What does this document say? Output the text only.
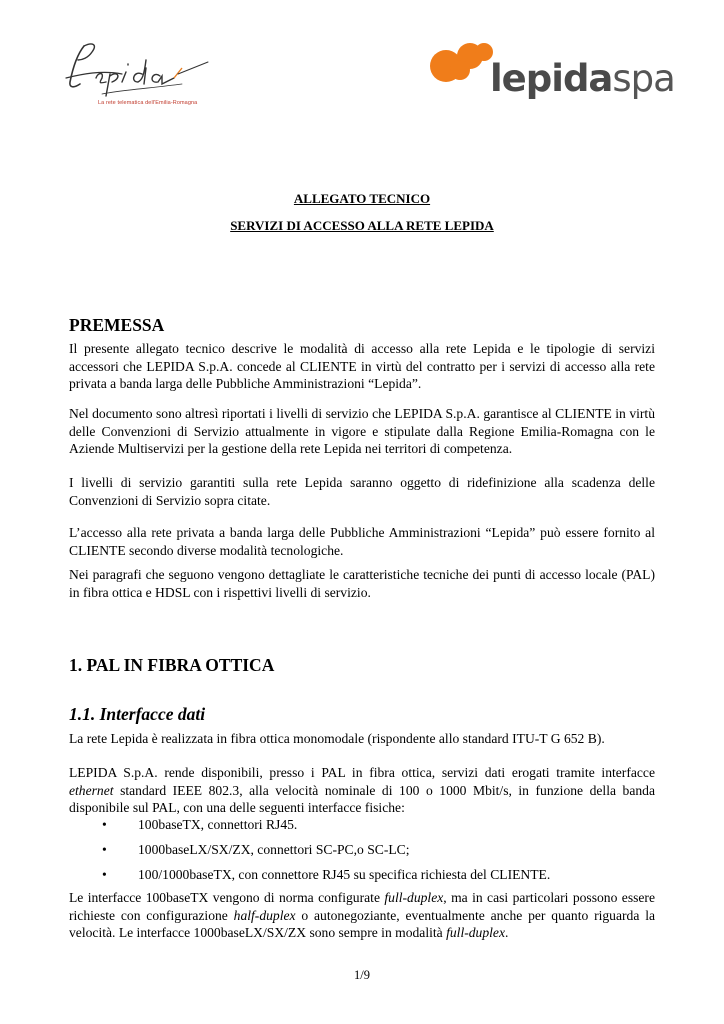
La rete telematica dell'Emilia-Romagna
lepidaspa
ALLEGATO TECNICO
SERVIZI DI ACCESSO ALLA RETE LEPIDA
PREMESSA
Il presente allegato tecnico descrive le modalità di accesso alla rete Lepida e le tipologie di servizi accessori che LEPIDA S.p.A. concede al CLIENTE in virtù del contratto per i servizi di accesso alla rete privata a banda larga delle Pubbliche Amministrazioni “Lepida”.
Nel documento sono altresì riportati i livelli di servizio che LEPIDA S.p.A. garantisce al CLIENTE in virtù delle Convenzioni di Servizio attualmente in vigore e stipulate dalla Regione Emilia-Romagna con le Aziende Multiservizi per la gestione della rete Lepida nei territori di competenza.
I livelli di servizio garantiti sulla rete Lepida saranno oggetto di ridefinizione alla scadenza delle Convenzioni di Servizio sopra citate.
L’accesso alla rete privata a banda larga delle Pubbliche Amministrazioni “Lepida” può essere fornito al CLIENTE secondo diverse modalità tecnologiche.
Nei paragrafi che seguono vengono dettagliate le caratteristiche tecniche dei punti di accesso locale (PAL) in fibra ottica e HDSL con i rispettivi livelli di servizio.
1. PAL IN FIBRA OTTICA
1.1. Interfacce dati
La rete Lepida è realizzata in fibra ottica monomodale (rispondente allo standard ITU-T G 652 B).
LEPIDA S.p.A. rende disponibili, presso i PAL in fibra ottica, servizi dati erogati tramite interfacce ethernet standard IEEE 802.3, alla velocità nominale di 100 o 1000 Mbit/s, in funzione della banda disponibile sul PAL, con una delle seguenti interfacce fisiche:
• 100baseTX, connettori RJ45.
• 1000baseLX/SX/ZX, connettori SC-PC,o SC-LC;
• 100/1000baseTX, con connettore RJ45 su specifica richiesta del CLIENTE.
Le interfacce 100baseTX vengono di norma configurate full-duplex, ma in casi particolari possono essere richieste con configurazione half-duplex o autonegoziante, eventualmente anche per quanto riguarda la velocità. Le interfacce 1000baseLX/SX/ZX sono sempre in modalità full-duplex.
1/9
